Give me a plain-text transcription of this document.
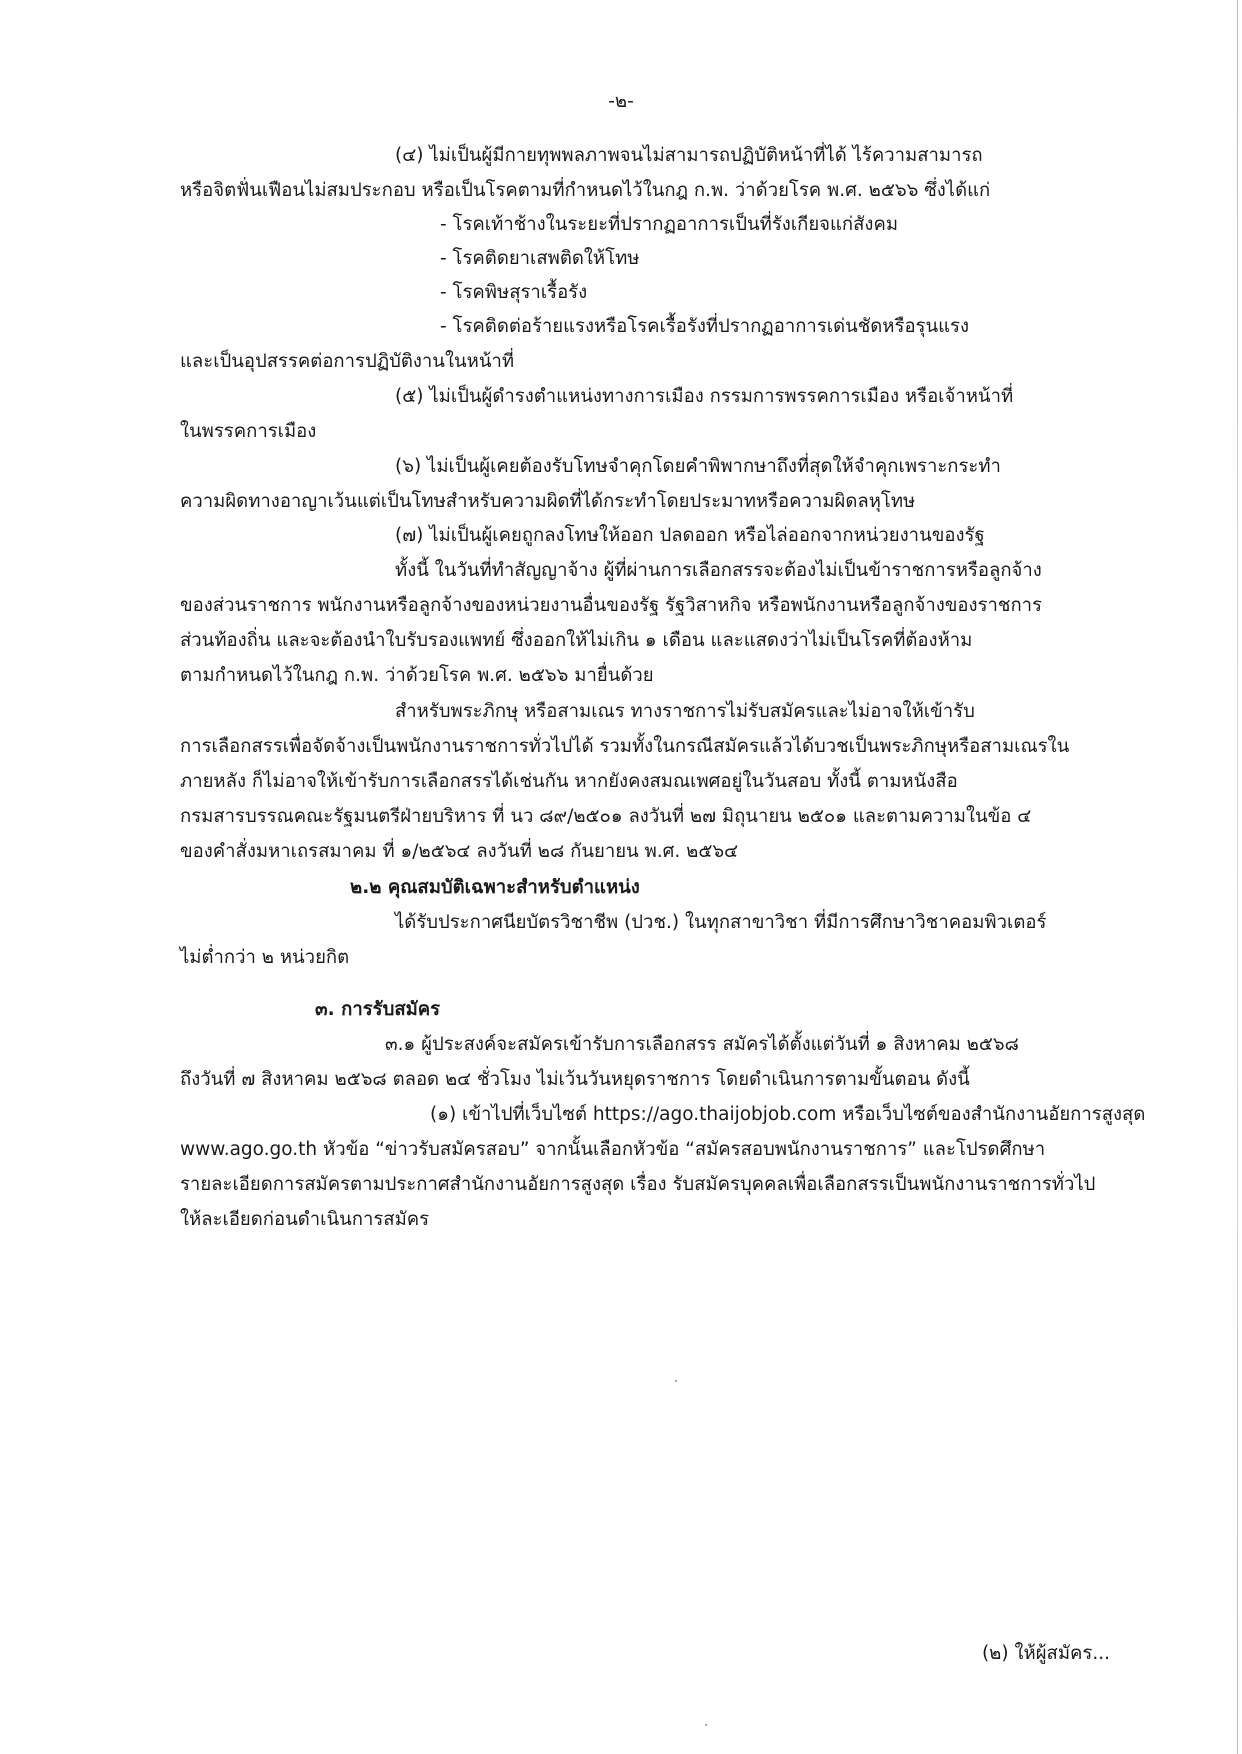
-๒-
(๔) ไม่เป็นผู้มีกายทุพพลภาพจนไม่สามารถปฏิบัติหน้าที่ได้ ไร้ความสามารถ
หรือจิตฟั่นเฟือนไม่สมประกอบ หรือเป็นโรคตามที่กำหนดไว้ในกฎ ก.พ. ว่าด้วยโรค พ.ศ. ๒๕๖๖ ซึ่งได้แก่
- โรคเท้าช้างในระยะที่ปรากฏอาการเป็นที่รังเกียจแก่สังคม
- โรคติดยาเสพติดให้โทษ
- โรคพิษสุราเรื้อรัง
- โรคติดต่อร้ายแรงหรือโรคเรื้อรังที่ปรากฏอาการเด่นชัดหรือรุนแรง
และเป็นอุปสรรคต่อการปฏิบัติงานในหน้าที่
(๕) ไม่เป็นผู้ดำรงตำแหน่งทางการเมือง กรรมการพรรคการเมือง หรือเจ้าหน้าที่
ในพรรคการเมือง
(๖) ไม่เป็นผู้เคยต้องรับโทษจำคุกโดยคำพิพากษาถึงที่สุดให้จำคุกเพราะกระทำ
ความผิดทางอาญาเว้นแต่เป็นโทษสำหรับความผิดที่ได้กระทำโดยประมาทหรือความผิดลหุโทษ
(๗) ไม่เป็นผู้เคยถูกลงโทษให้ออก ปลดออก หรือไล่ออกจากหน่วยงานของรัฐ
ทั้งนี้ ในวันที่ทำสัญญาจ้าง ผู้ที่ผ่านการเลือกสรรจะต้องไม่เป็นข้าราชการหรือลูกจ้าง
ของส่วนราชการ พนักงานหรือลูกจ้างของหน่วยงานอื่นของรัฐ รัฐวิสาหกิจ หรือพนักงานหรือลูกจ้างของราชการ
ส่วนท้องถิ่น และจะต้องนำใบรับรองแพทย์ ซึ่งออกให้ไม่เกิน ๑ เดือน และแสดงว่าไม่เป็นโรคที่ต้องห้าม
ตามกำหนดไว้ในกฎ ก.พ. ว่าด้วยโรค พ.ศ. ๒๕๖๖ มายื่นด้วย
สำหรับพระภิกษุ หรือสามเณร ทางราชการไม่รับสมัครและไม่อาจให้เข้ารับ
การเลือกสรรเพื่อจัดจ้างเป็นพนักงานราชการทั่วไปได้ รวมทั้งในกรณีสมัครแล้วได้บวชเป็นพระภิกษุหรือสามเณรใน
ภายหลัง ก็ไม่อาจให้เข้ารับการเลือกสรรได้เช่นกัน หากยังคงสมณเพศอยู่ในวันสอบ ทั้งนี้ ตามหนังสือ
กรมสารบรรณคณะรัฐมนตรีฝ่ายบริหาร ที่ นว ๘๙/๒๕๐๑ ลงวันที่ ๒๗ มิถุนายน ๒๕๐๑ และตามความในข้อ ๔
ของคำสั่งมหาเถรสมาคม ที่ ๑/๒๕๖๔ ลงวันที่ ๒๘ กันยายน พ.ศ. ๒๕๖๔
๒.๒ คุณสมบัติเฉพาะสำหรับตำแหน่ง
ได้รับประกาศนียบัตรวิชาชีพ (ปวช.) ในทุกสาขาวิชา ที่มีการศึกษาวิชาคอมพิวเตอร์
ไม่ต่ำกว่า ๒ หน่วยกิต
๓. การรับสมัคร
๓.๑ ผู้ประสงค์จะสมัครเข้ารับการเลือกสรร สมัครได้ตั้งแต่วันที่ ๑ สิงหาคม ๒๕๖๘
ถึงวันที่ ๗ สิงหาคม ๒๕๖๘ ตลอด ๒๔ ชั่วโมง ไม่เว้นวันหยุดราชการ โดยดำเนินการตามขั้นตอน ดังนี้
(๑) เข้าไปที่เว็บไซต์ https://ago.thaijobjob.com หรือเว็บไซต์ของสำนักงานอัยการสูงสุด
www.ago.go.th หัวข้อ “ข่าวรับสมัครสอบ” จากนั้นเลือกหัวข้อ “สมัครสอบพนักงานราชการ” และโปรดศึกษา
รายละเอียดการสมัครตามประกาศสำนักงานอัยการสูงสุด เรื่อง รับสมัครบุคคลเพื่อเลือกสรรเป็นพนักงานราชการทั่วไป
ให้ละเอียดก่อนดำเนินการสมัคร
(๒) ให้ผู้สมัคร...
